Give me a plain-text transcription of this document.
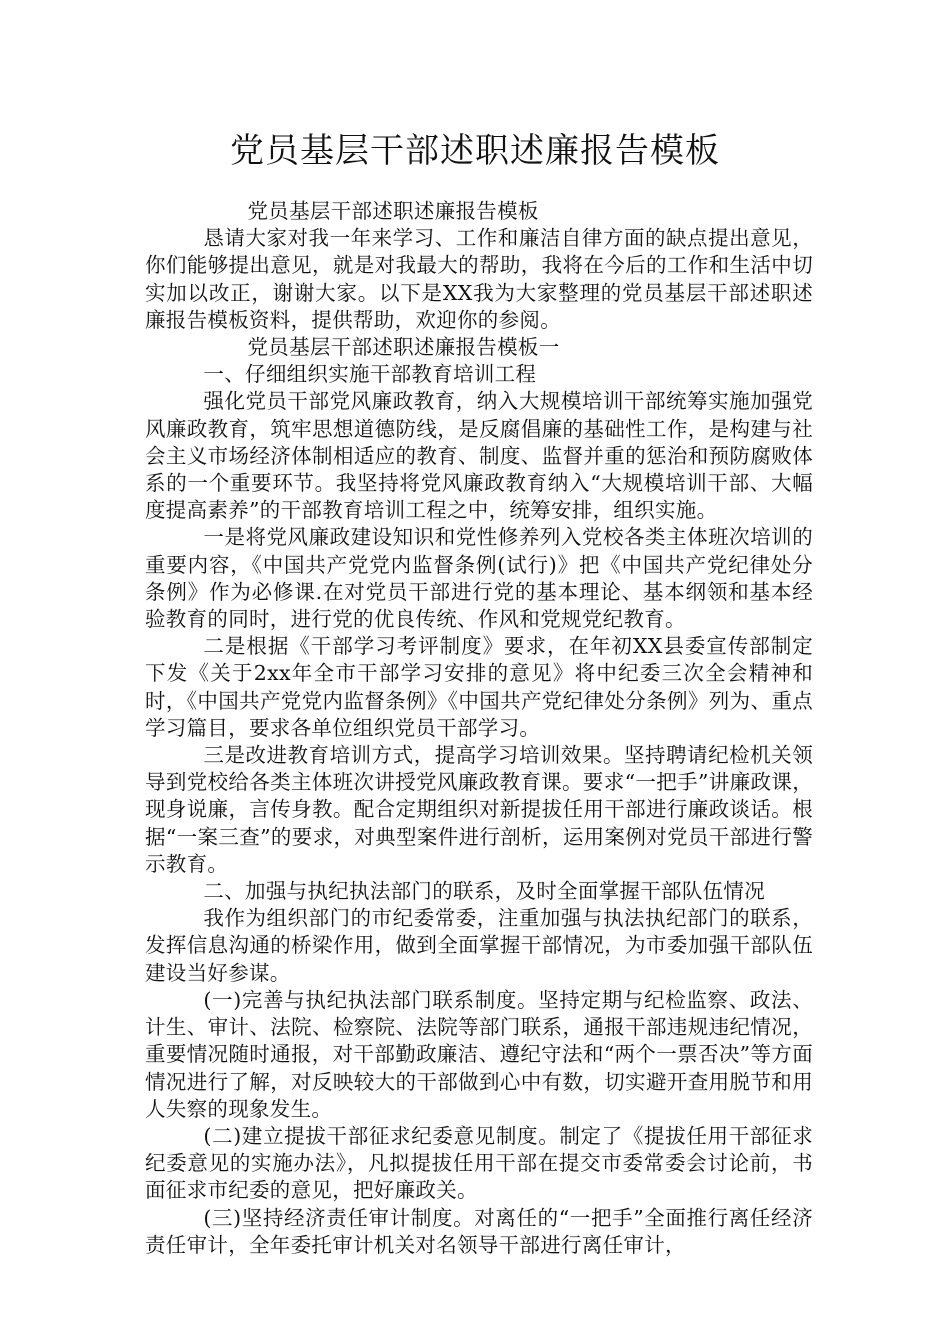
党员基层干部述职述廉报告模板

党员基层干部述职述廉报告模板

恳请大家对我一年来学习、工作和廉洁自律方面的缺点提出意见，你们能够提出意见，就是对我最大的帮助，我将在今后的工作和生活中切实加以改正，谢谢大家。以下是XX我为大家整理的党员基层干部述职述廉报告模板资料，提供帮助，欢迎你的参阅。

党员基层干部述职述廉报告模板一

一、仔细组织实施干部教育培训工程

强化党员干部党风廉政教育，纳入大规模培训干部统筹实施加强党风廉政教育，筑牢思想道德防线，是反腐倡廉的基础性工作，是构建与社会主义市场经济体制相适应的教育、制度、监督并重的惩治和预防腐败体系的一个重要环节。我坚持将党风廉政教育纳入“大规模培训干部、大幅度提高素养”的干部教育培训工程之中，统筹安排，组织实施。

一是将党风廉政建设知识和党性修养列入党校各类主体班次培训的重要内容，《中国共产党党内监督条例(试行)》把《中国共产党纪律处分条例》作为必修课.在对党员干部进行党的基本理论、基本纲领和基本经验教育的同时，进行党的优良传统、作风和党规党纪教育。

二是根据《干部学习考评制度》要求，在年初XX县委宣传部制定下发《关于2xx年全市干部学习安排的意见》将中纪委三次全会精神和时，《中国共产党党内监督条例》《中国共产党纪律处分条例》列为、重点学习篇目，要求各单位组织党员干部学习。

三是改进教育培训方式，提高学习培训效果。坚持聘请纪检机关领导到党校给各类主体班次讲授党风廉政教育课。要求“一把手”讲廉政课，现身说廉，言传身教。配合定期组织对新提拔任用干部进行廉政谈话。根据“一案三查”的要求，对典型案件进行剖析，运用案例对党员干部进行警示教育。

二、加强与执纪执法部门的联系，及时全面掌握干部队伍情况

我作为组织部门的市纪委常委，注重加强与执法执纪部门的联系，发挥信息沟通的桥梁作用，做到全面掌握干部情况，为市委加强干部队伍建设当好参谋。

(一)完善与执纪执法部门联系制度。坚持定期与纪检监察、政法、计生、审计、法院、检察院、法院等部门联系，通报干部违规违纪情况，重要情况随时通报，对干部勤政廉洁、遵纪守法和“两个一票否决”等方面情况进行了解，对反映较大的干部做到心中有数，切实避开查用脱节和用人失察的现象发生。

(二)建立提拔干部征求纪委意见制度。制定了《提拔任用干部征求纪委意见的实施办法》，凡拟提拔任用干部在提交市委常委会讨论前，书面征求市纪委的意见，把好廉政关。

(三)坚持经济责任审计制度。对离任的“一把手”全面推行离任经济责任审计，全年委托审计机关对名领导干部进行离任审计，
